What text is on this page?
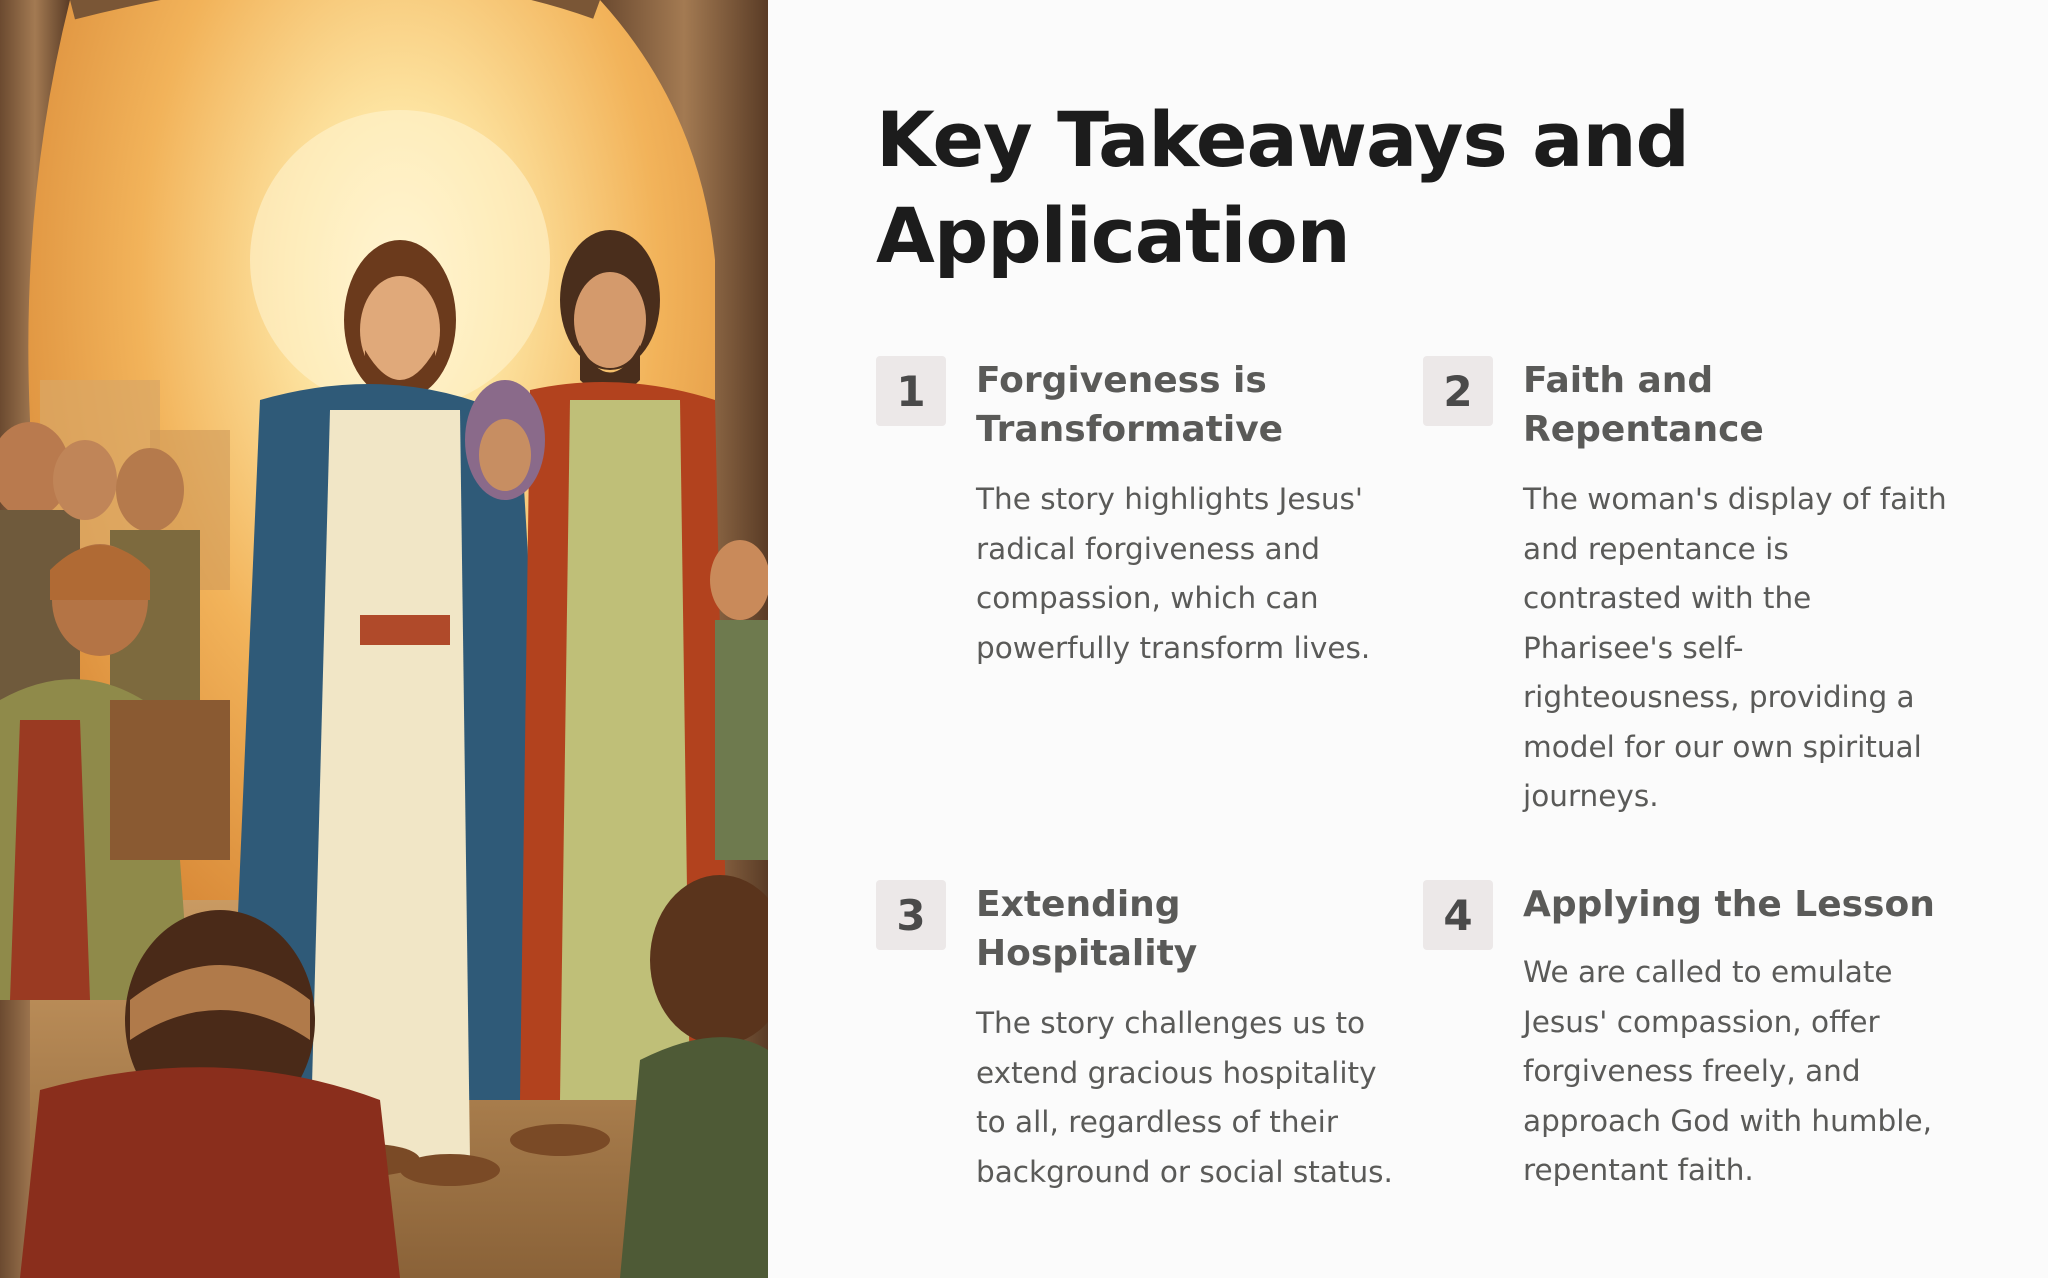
Key Takeaways and
Application
1	Forgiveness is
Transformative

The story highlights Jesus'
radical forgiveness and
compassion, which can
powerfully transform lives.

2	Faith and
Repentance

The woman's display of faith
and repentance is
contrasted with the
Pharisee's self-
righteousness, providing a
model for our own spiritual
journeys.

3	Extending
Hospitality

The story challenges us to
extend gracious hospitality
to all, regardless of their
background or social status.

4	Applying the Lesson

We are called to emulate
Jesus' compassion, offer
forgiveness freely, and
approach God with humble,
repentant faith.
